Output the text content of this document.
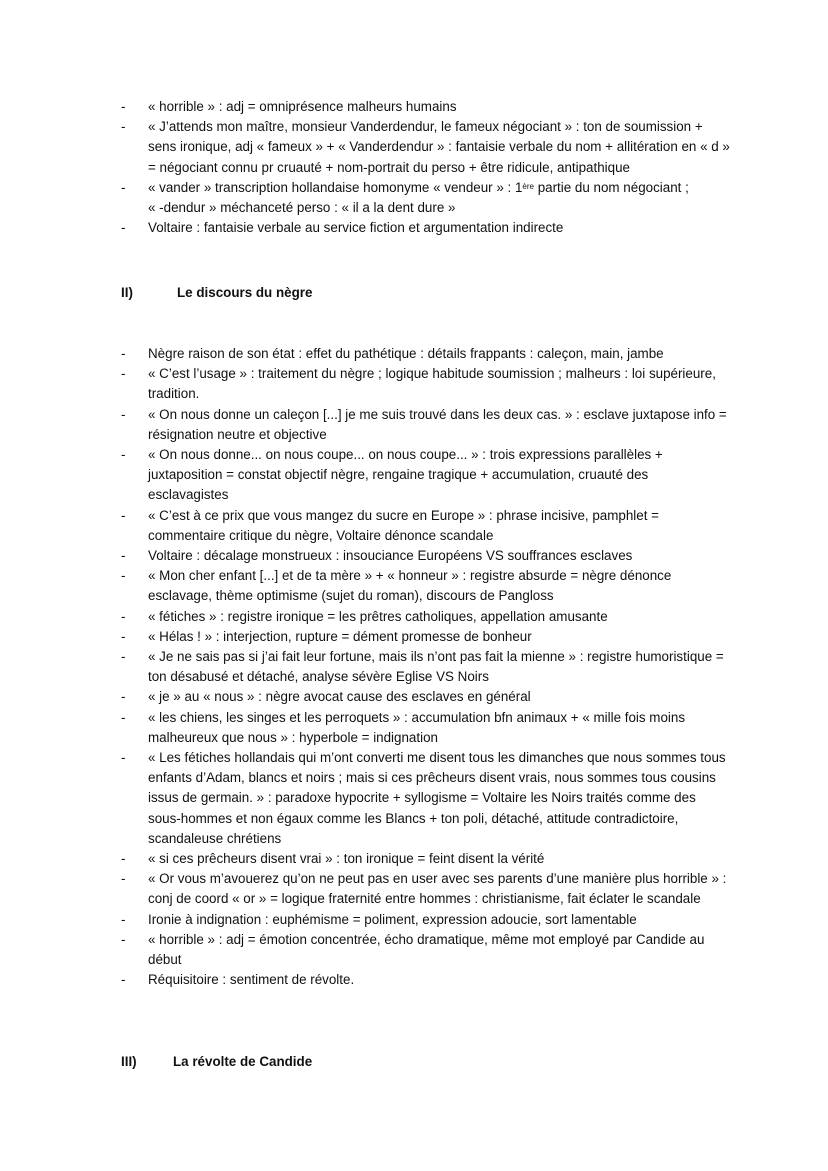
-	« horrible » : adj = omniprésence malheurs humains
-	« J’attends mon maître, monsieur Vanderdendur, le fameux négociant » : ton de soumission + sens ironique, adj « fameux » + « Vanderdendur » : fantaisie verbale du nom + allitération en « d » = négociant connu pr cruauté + nom-portrait du perso + être ridicule, antipathique
-	« vander » transcription hollandaise homonyme « vendeur » : 1ère partie du nom négociant ;
« -dendur » méchanceté perso : « il a la dent dure »
-	Voltaire : fantaisie verbale au service fiction et argumentation indirecte
II)	Le discours du nègre
-	Nègre raison de son état : effet du pathétique : détails frappants : caleçon, main, jambe
-	« C’est l’usage » : traitement du nègre ; logique habitude soumission ; malheurs : loi supérieure, tradition.
-	« On nous donne un caleçon [...] je me suis trouvé dans les deux cas. » : esclave juxtapose info = résignation neutre et objective
-	« On nous donne... on nous coupe... on nous coupe... » : trois expressions parallèles + juxtaposition = constat objectif nègre, rengaine tragique + accumulation, cruauté des esclavagistes
-	« C’est à ce prix que vous mangez du sucre en Europe » : phrase incisive, pamphlet = commentaire critique du nègre, Voltaire dénonce scandale
-	Voltaire : décalage monstrueux : insouciance Européens VS souffrances esclaves
-	« Mon cher enfant [...] et de ta mère » + « honneur » : registre absurde = nègre dénonce esclavage, thème optimisme (sujet du roman), discours de Pangloss
-	« fétiches » : registre ironique = les prêtres catholiques, appellation amusante
-	« Hélas ! » : interjection, rupture = dément promesse de bonheur
-	« Je ne sais pas si j’ai fait leur fortune, mais ils n’ont pas fait la mienne » : registre humoristique = ton désabusé et détaché, analyse sévère Eglise VS Noirs
-	« je » au « nous » : nègre avocat cause des esclaves en général
-	« les chiens, les singes et les perroquets » : accumulation bfn animaux + « mille fois moins malheureux que nous » : hyperbole = indignation
-	« Les fétiches hollandais qui m’ont converti me disent tous les dimanches que nous sommes tous enfants d’Adam, blancs et noirs ; mais si ces prêcheurs disent vrais, nous sommes tous cousins issus de germain. » : paradoxe hypocrite + syllogisme = Voltaire les Noirs traités comme des sous-hommes et non égaux comme les Blancs + ton poli, détaché, attitude contradictoire, scandaleuse chrétiens
-	« si ces prêcheurs disent vrai » : ton ironique = feint disent la vérité
-	« Or vous m’avouerez qu’on ne peut pas en user avec ses parents d’une manière plus horrible » : conj de coord « or » = logique fraternité entre hommes : christianisme, fait éclater le scandale
-	Ironie à indignation : euphémisme = poliment, expression adoucie, sort lamentable
-	« horrible » : adj = émotion concentrée, écho dramatique, même mot employé par Candide au début
-	Réquisitoire : sentiment de révolte.
III)	La révolte de Candide
